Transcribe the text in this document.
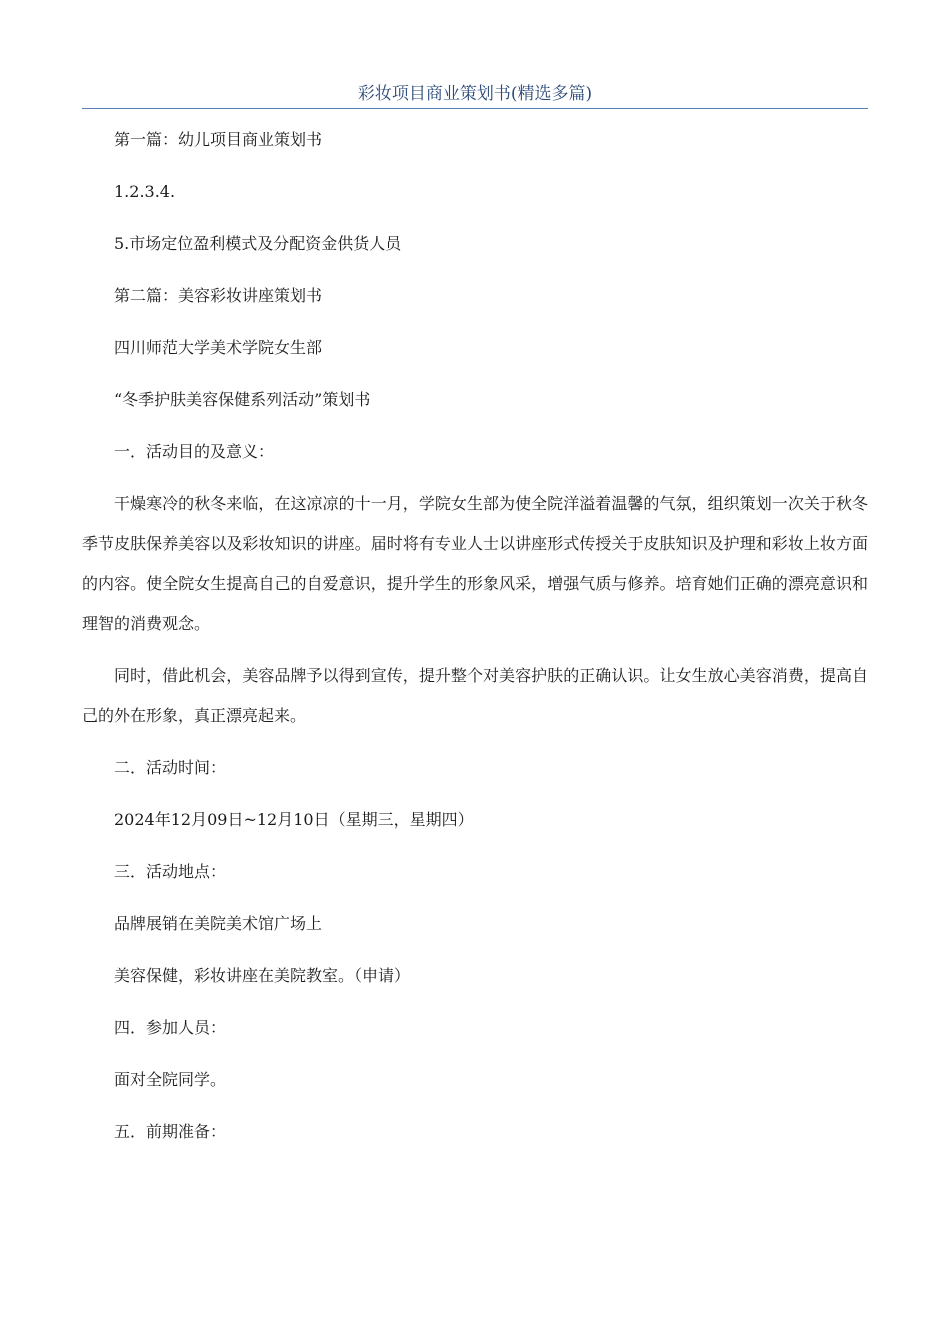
彩妆项目商业策划书(精选多篇)

第一篇：幼儿项目商业策划书

1.2.3.4.

5.市场定位盈利模式及分配资金供货人员

第二篇：美容彩妆讲座策划书

四川师范大学美术学院女生部

“冬季护肤美容保健系列活动”策划书

一．活动目的及意义：

干燥寒冷的秋冬来临，在这凉凉的十一月，学院女生部为使全院洋溢着温馨的气氛，组织策划一次关于秋冬季节皮肤保养美容以及彩妆知识的讲座。届时将有专业人士以讲座形式传授关于皮肤知识及护理和彩妆上妆方面的内容。使全院女生提高自己的自爱意识，提升学生的形象风采，增强气质与修养。培育她们正确的漂亮意识和理智的消费观念。

同时，借此机会，美容品牌予以得到宣传，提升整个对美容护肤的正确认识。让女生放心美容消费，提高自己的外在形象，真正漂亮起来。

二．活动时间：

2024年12月09日~12月10日（星期三，星期四）

三．活动地点：

品牌展销在美院美术馆广场上

美容保健，彩妆讲座在美院教室。（申请）

四．参加人员：

面对全院同学。

五．前期准备：
